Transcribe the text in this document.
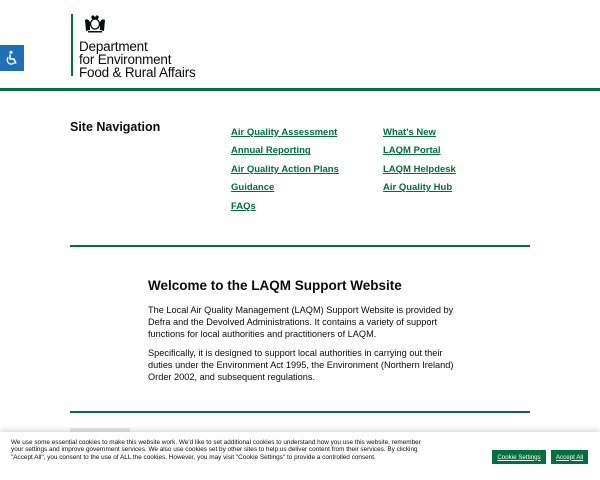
Department
for Environment
Food & Rural Affairs
Site Navigation	Air Quality Assessment
Annual Reporting
Air Quality Action Plans
Guidance
FAQs
What's New
LAQM Portal
LAQM Helpdesk
Air Quality Hub
Welcome to the LAQM Support Website

The Local Air Quality Management (LAQM) Support Website is provided by Defra and the Devolved Administrations. It contains a variety of support functions for local authorities and practitioners of LAQM.

Specifically, it is designed to support local authorities in carrying out their duties under the Environment Act 1995, the Environment (Northern Ireland) Order 2002, and subsequent regulations.

We use some essential cookies to make this website work. We'd like to set additional cookies to understand how you use this website, remember your settings and improve government services. We also use cookies set by other sites to help us deliver content from their services. By clicking "Accept All", you consent to the use of ALL the cookies. However, you may visit "Cookie Settings" to provide a controlled consent.	Cookie Settings	Accept All
